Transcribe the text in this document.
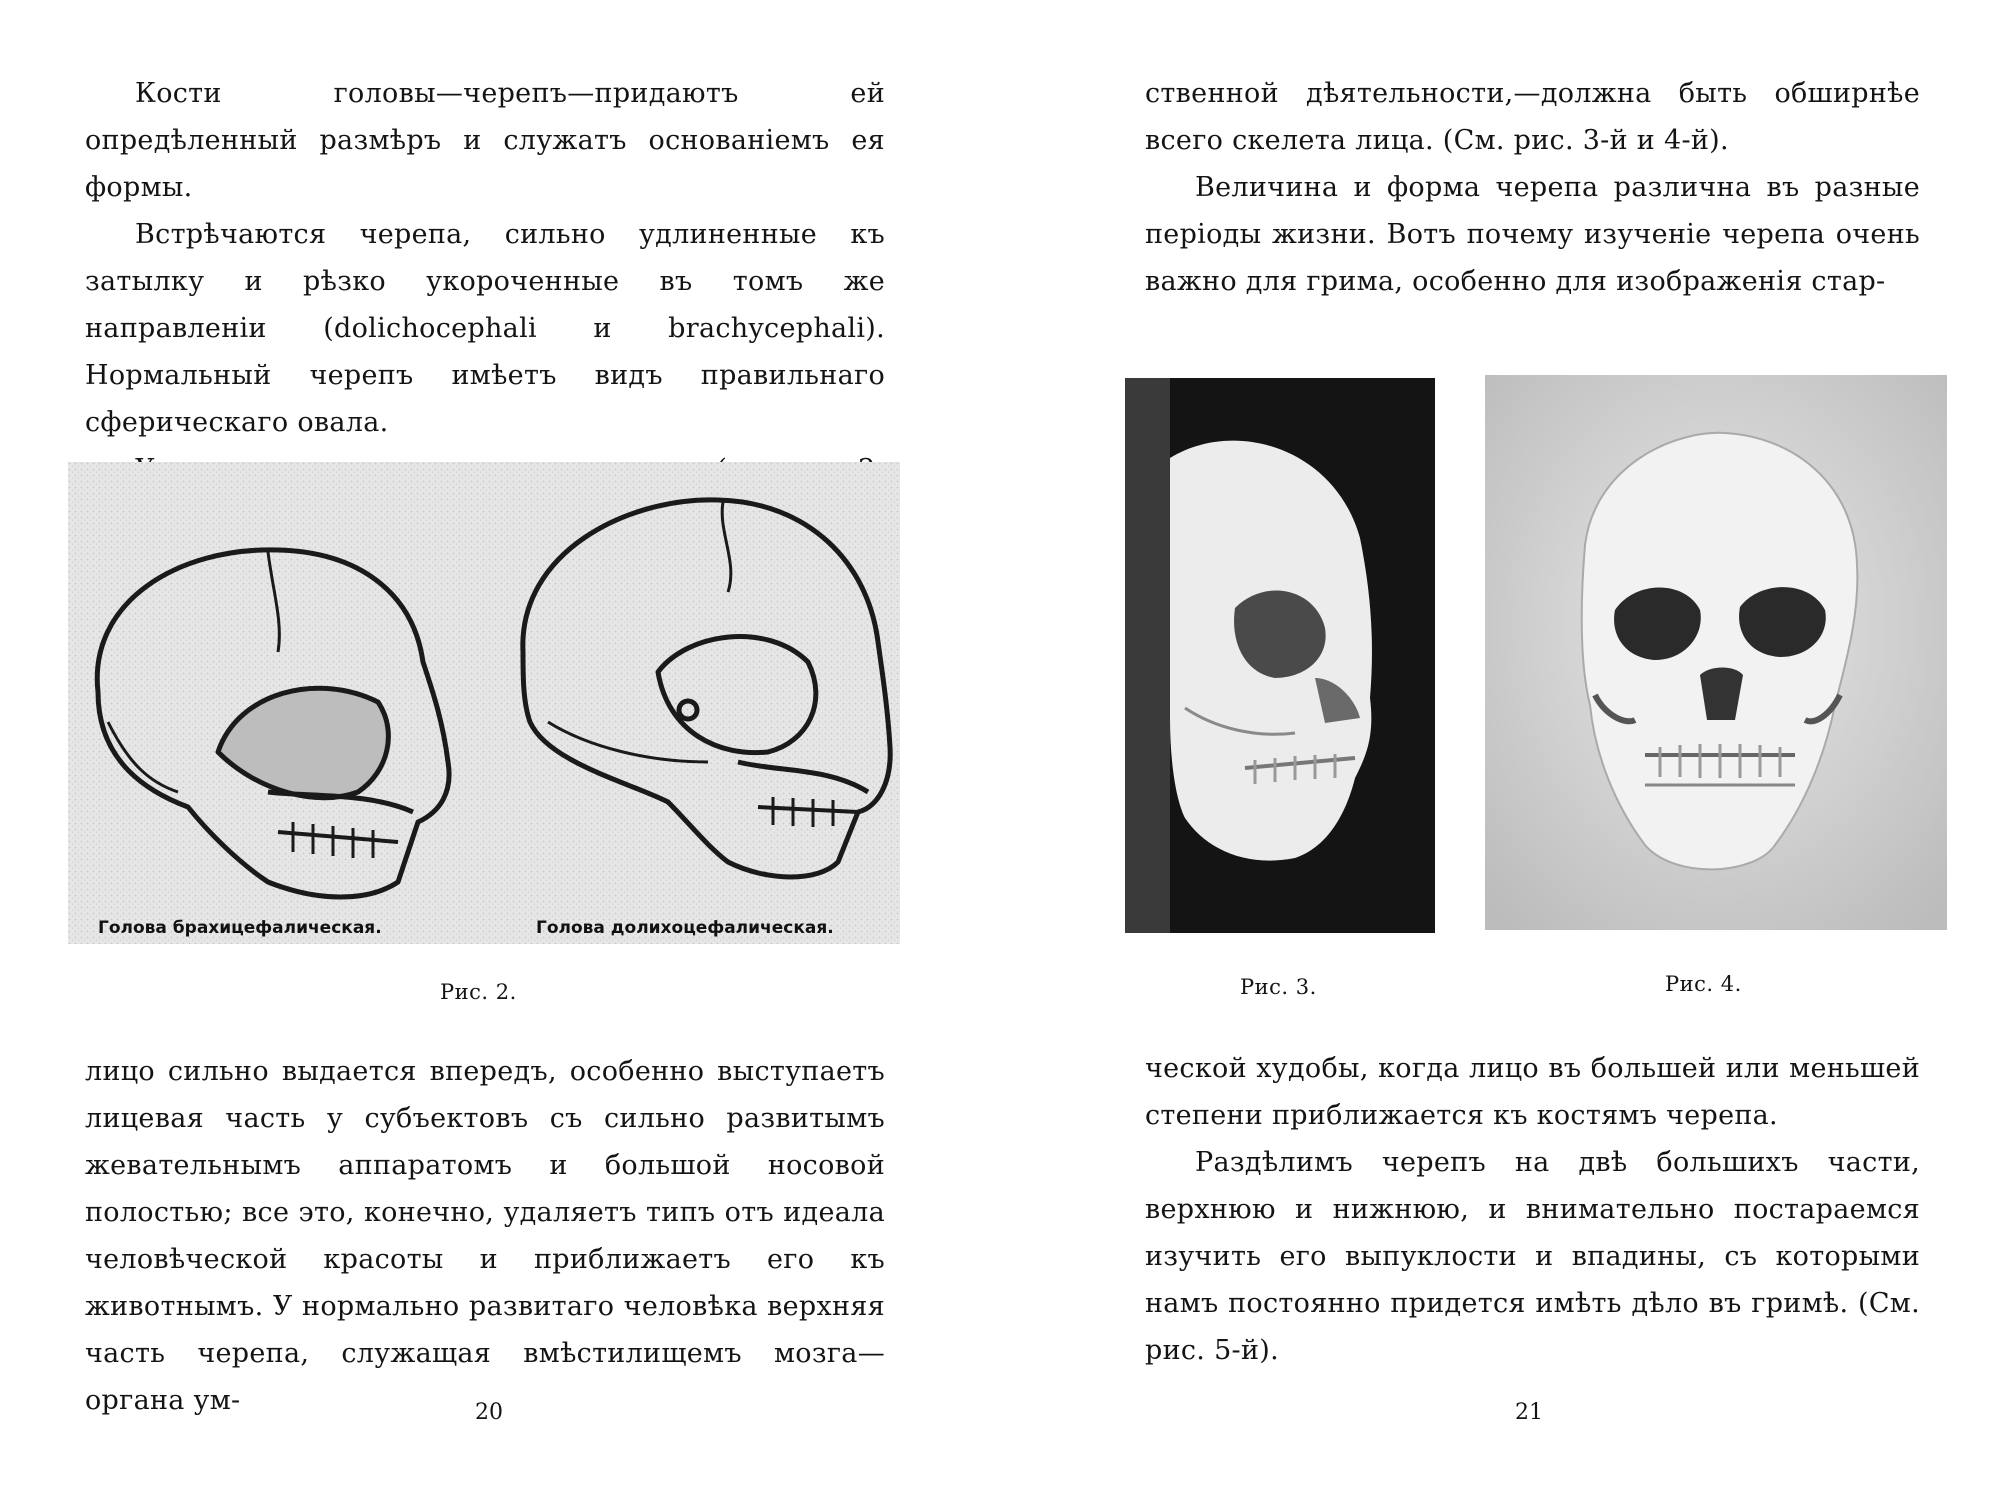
Кости головы—черепъ—придаютъ ей опредѣленный размѣръ и служатъ основаніемъ ея формы.

Встрѣчаются черепа, сильно удлиненные къ затылку и рѣзко укороченные въ томъ же направленіи (dolichocephali и brachycephali). Нормальный черепъ имѣетъ видъ правильнаго сферическаго овала.

Голова брахицефалическая.	Голова долихоцефалическая.
Рис. 2.

лицо сильно выдается впередъ, особенно выступаетъ лицевая часть у субъектовъ съ сильно развитымъ жевательнымъ аппаратомъ и большой носовой полостью; все это, конечно, удаляетъ типъ отъ идеала человѣческой красоты и приближаетъ его къ животнымъ. У нормально развитаго человѣка верхняя часть черепа, служащая вмѣстилищемъ мозга—органа ум-	20

ственной дѣятельности,—должна быть обширнѣе всего скелета лица. (См. рис. 3-й и 4-й).

Величина и форма черепа различна въ разные періоды жизни. Вотъ почему изученіе черепа очень важно для грима, особенно для изображенія стар-

Рис. 3.	Рис. 4.

ческой худобы, когда лицо въ большей или меньшей степени приближается къ костямъ черепа.

Раздѣлимъ черепъ на двѣ большихъ части, верхнюю и нижнюю, и внимательно постараемся изучить его выпуклости и впадины, съ которыми намъ постоянно придется имѣть дѣло въ гримѣ. (См. рис. 5-й).

21
